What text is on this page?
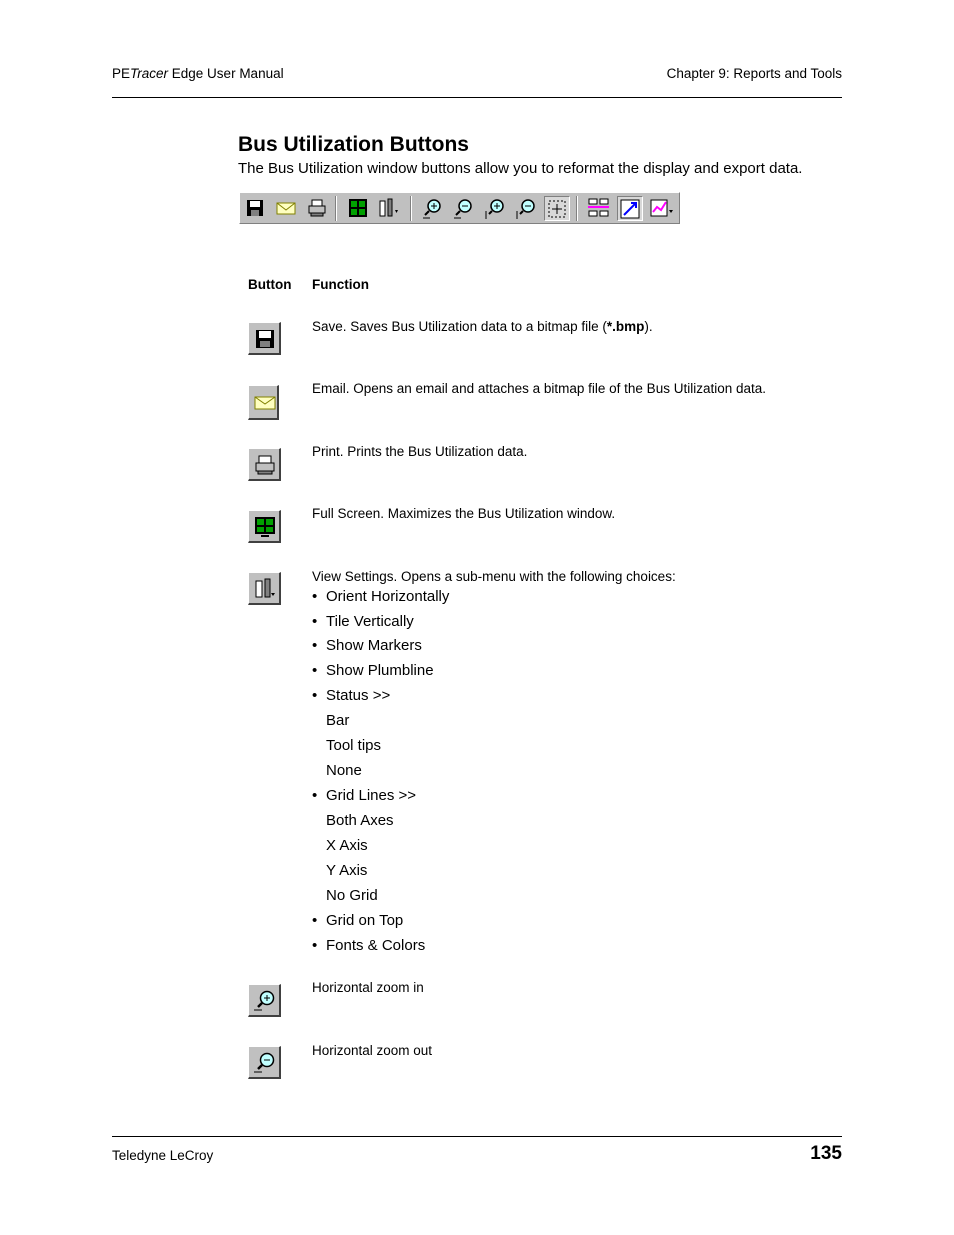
PETracer Edge User Manual	Chapter 9: Reports and Tools
Bus Utilization Buttons
The Bus Utilization window buttons allow you to reformat the display and export data.
Button Function
Save. Saves Bus Utilization data to a bitmap file (*.bmp).
Email. Opens an email and attaches a bitmap file of the Bus Utilization data.
Print. Prints the Bus Utilization data.
Full Screen. Maximizes the Bus Utilization window.
View Settings. Opens a sub-menu with the following choices:
• Orient Horizontally
• Tile Vertically
• Show Markers
• Show Plumbline
• Status >>
Bar
Tool tips
None
• Grid Lines >>
Both Axes
X Axis
Y Axis
No Grid
• Grid on Top
• Fonts & Colors
Horizontal zoom in
Horizontal zoom out
Teledyne LeCroy	135
